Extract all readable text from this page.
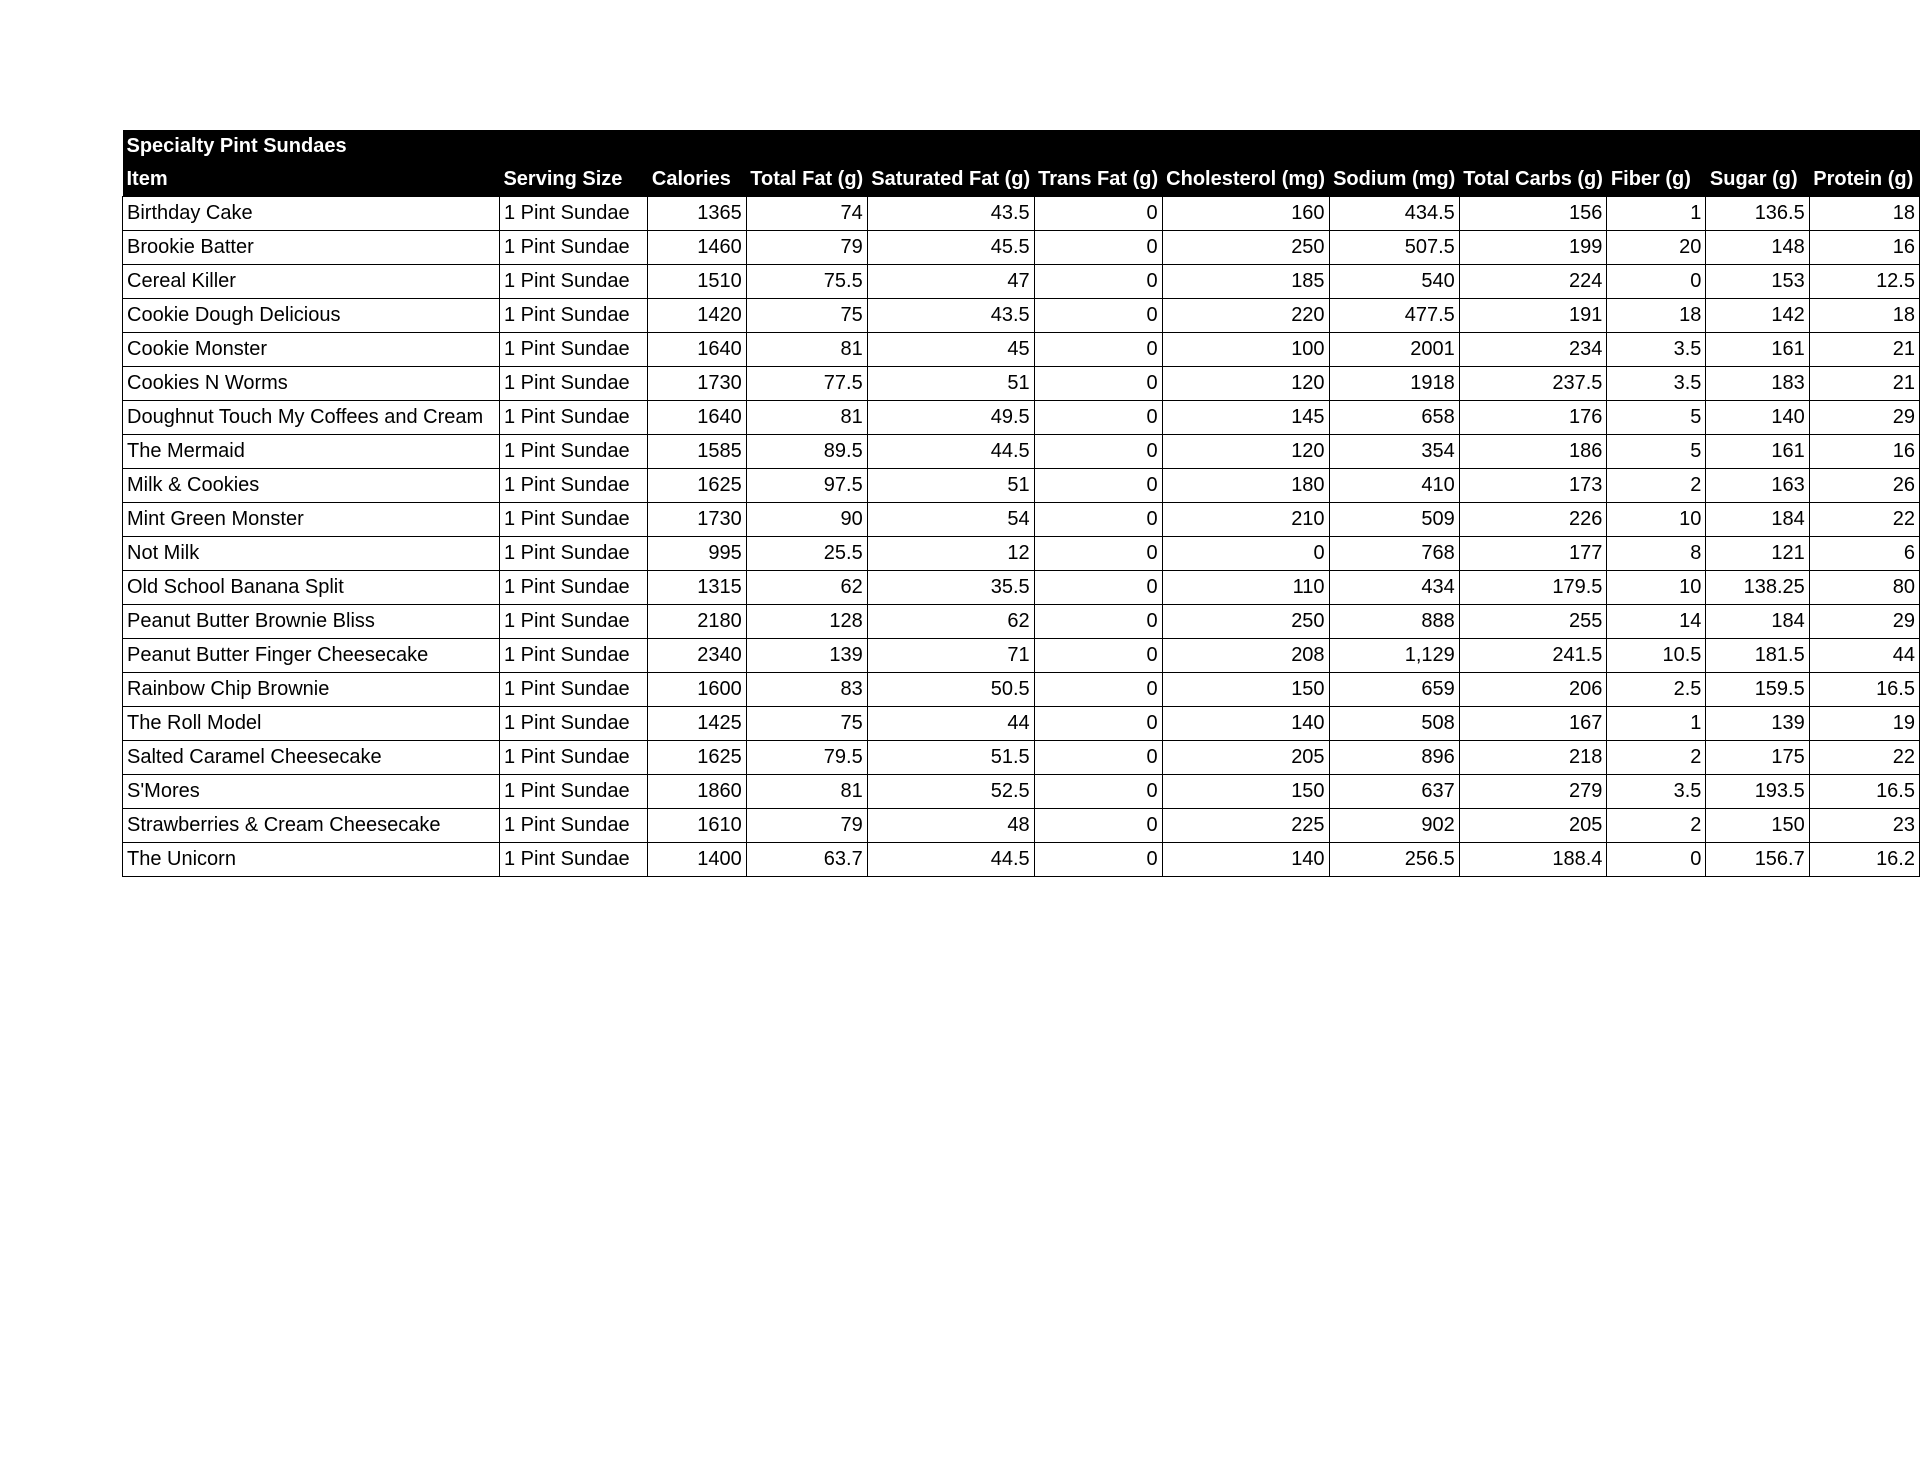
Specialty Pint Sundaes											
Item	Serving Size	Calories	Total Fat (g)	Saturated Fat (g)	Trans Fat (g)	Cholesterol (mg)	Sodium (mg)	Total Carbs (g)	Fiber (g)	Sugar (g)	Protein (g)
Birthday Cake	1 Pint Sundae	1365	74	43.5	0	160	434.5	156	1	136.5	18
Brookie Batter	1 Pint Sundae	1460	79	45.5	0	250	507.5	199	20	148	16
Cereal Killer	1 Pint Sundae	1510	75.5	47	0	185	540	224	0	153	12.5
Cookie Dough Delicious	1 Pint Sundae	1420	75	43.5	0	220	477.5	191	18	142	18
Cookie Monster	1 Pint Sundae	1640	81	45	0	100	2001	234	3.5	161	21
Cookies N Worms	1 Pint Sundae	1730	77.5	51	0	120	1918	237.5	3.5	183	21
Doughnut Touch My Coffees and Cream	1 Pint Sundae	1640	81	49.5	0	145	658	176	5	140	29
The Mermaid	1 Pint Sundae	1585	89.5	44.5	0	120	354	186	5	161	16
Milk & Cookies	1 Pint Sundae	1625	97.5	51	0	180	410	173	2	163	26
Mint Green Monster	1 Pint Sundae	1730	90	54	0	210	509	226	10	184	22
Not Milk	1 Pint Sundae	995	25.5	12	0	0	768	177	8	121	6
Old School Banana Split	1 Pint Sundae	1315	62	35.5	0	110	434	179.5	10	138.25	80
Peanut Butter Brownie Bliss	1 Pint Sundae	2180	128	62	0	250	888	255	14	184	29
Peanut Butter Finger Cheesecake	1 Pint Sundae	2340	139	71	0	208	1,129	241.5	10.5	181.5	44
Rainbow Chip Brownie	1 Pint Sundae	1600	83	50.5	0	150	659	206	2.5	159.5	16.5
The Roll Model	1 Pint Sundae	1425	75	44	0	140	508	167	1	139	19
Salted Caramel Cheesecake	1 Pint Sundae	1625	79.5	51.5	0	205	896	218	2	175	22
S'Mores	1 Pint Sundae	1860	81	52.5	0	150	637	279	3.5	193.5	16.5
Strawberries & Cream Cheesecake	1 Pint Sundae	1610	79	48	0	225	902	205	2	150	23
The Unicorn	1 Pint Sundae	1400	63.7	44.5	0	140	256.5	188.4	0	156.7	16.2
